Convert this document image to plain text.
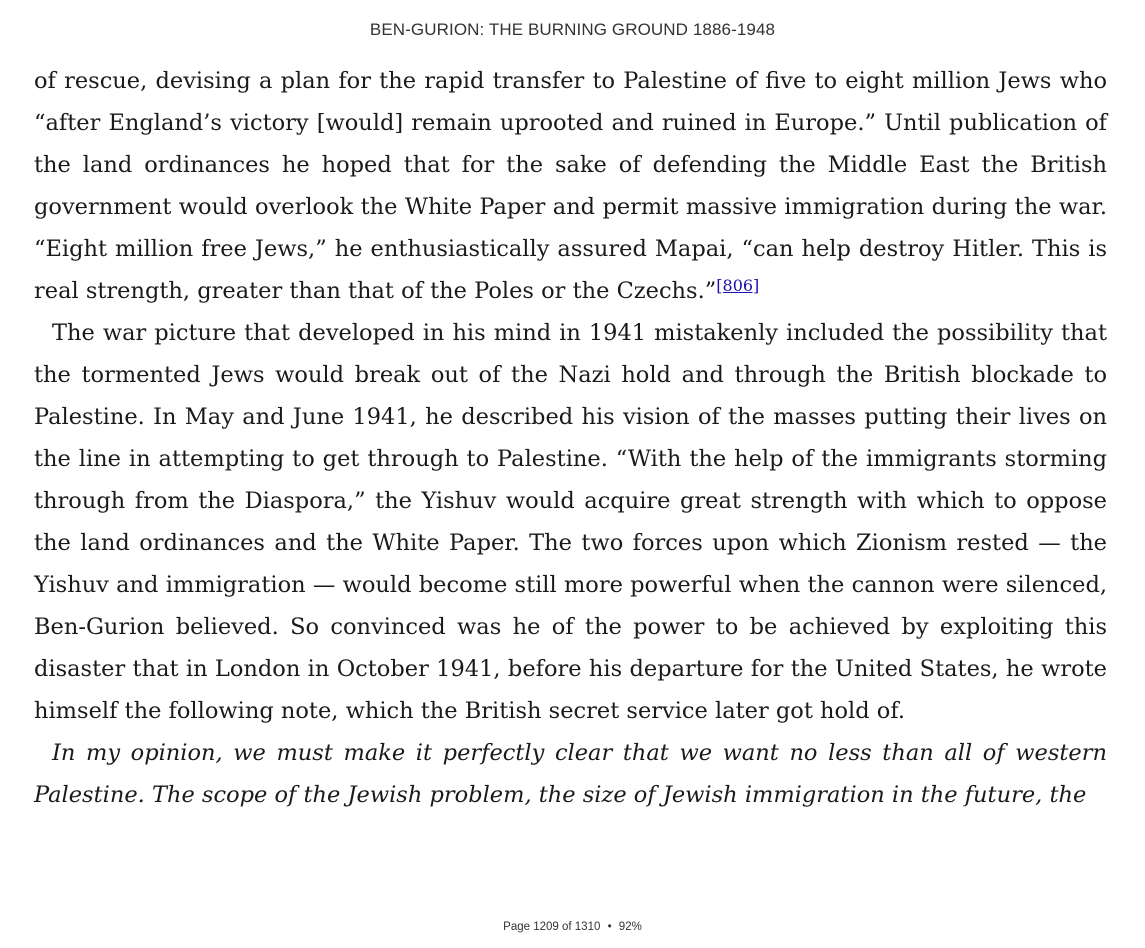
BEN-GURION: THE BURNING GROUND 1886-1948

of rescue, devising a plan for the rapid transfer to Palestine of five to eight million Jews who “after England’s victory [would] remain uprooted and ruined in Europe.” Until publication of the land ordinances he hoped that for the sake of defending the Middle East the British government would overlook the White Paper and permit massive immigration during the war. “Eight million free Jews,” he enthusiastically assured Mapai, “can help destroy Hitler. This is real strength, greater than that of the Poles or the Czechs.”[806]

The war picture that developed in his mind in 1941 mistakenly included the possibility that the tormented Jews would break out of the Nazi hold and through the British blockade to Palestine. In May and June 1941, he described his vision of the masses putting their lives on the line in attempting to get through to Palestine. “With the help of the immigrants storming through from the Diaspora,” the Yishuv would acquire great strength with which to oppose the land ordinances and the White Paper. The two forces upon which Zionism rested — the Yishuv and immigration — would become still more powerful when the cannon were silenced, Ben-Gurion believed. So convinced was he of the power to be achieved by exploiting this disaster that in London in October 1941, before his departure for the United States, he wrote himself the following note, which the British secret service later got hold of.

In my opinion, we must make it perfectly clear that we want no less than all of western Palestine. The scope of the Jewish problem, the size of Jewish immigration in the future, the

Page 1209 of 1310 • 92%
